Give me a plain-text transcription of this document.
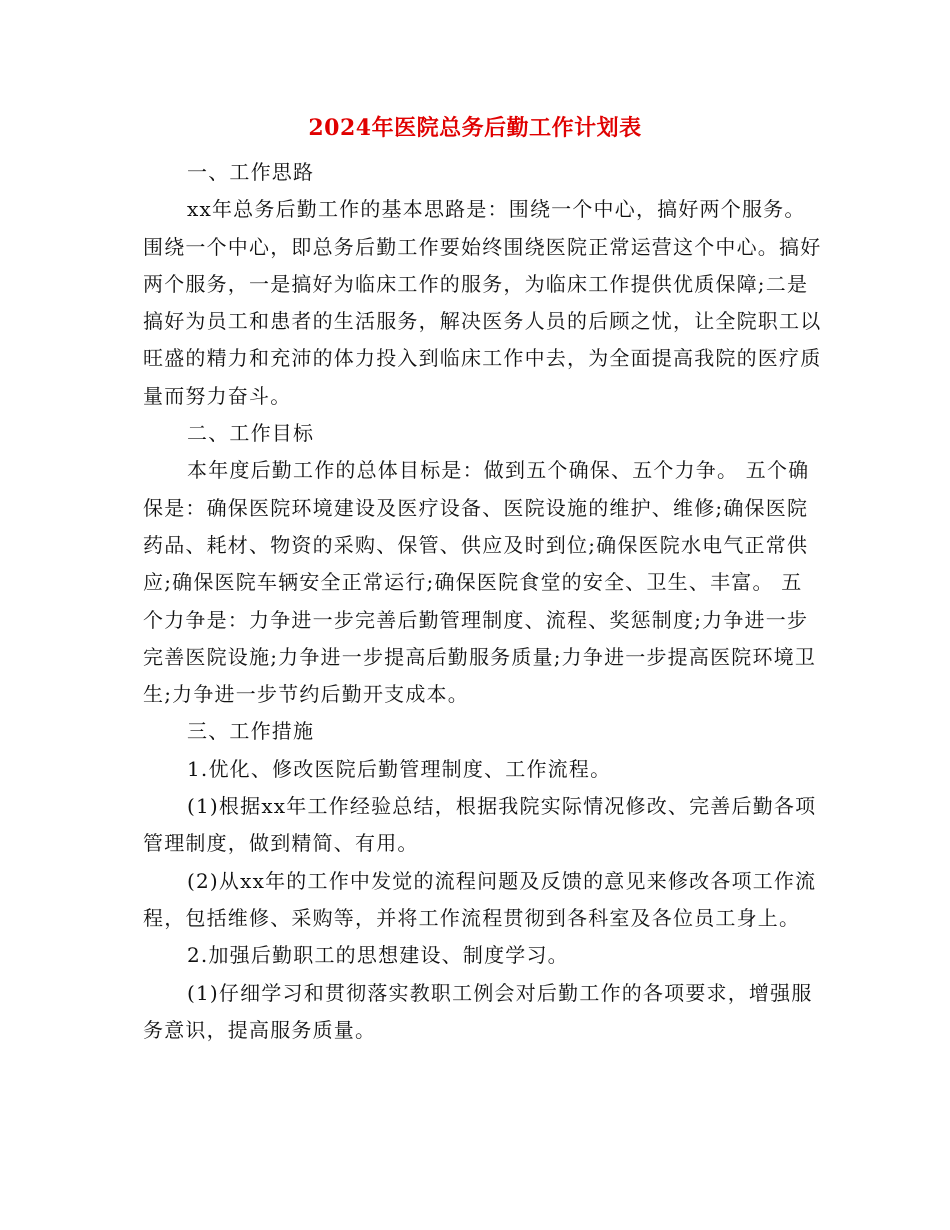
2024年医院总务后勤工作计划表

一、工作思路

xx年总务后勤工作的基本思路是：围绕一个中心，搞好两个服务。围绕一个中心，即总务后勤工作要始终围绕医院正常运营这个中心。搞好两个服务，一是搞好为临床工作的服务，为临床工作提供优质保障;二是搞好为员工和患者的生活服务，解决医务人员的后顾之忧，让全院职工以旺盛的精力和充沛的体力投入到临床工作中去，为全面提高我院的医疗质量而努力奋斗。

二、工作目标

本年度后勤工作的总体目标是：做到五个确保、五个力争。 五个确保是：确保医院环境建设及医疗设备、医院设施的维护、维修;确保医院药品、耗材、物资的采购、保管、供应及时到位;确保医院水电气正常供应;确保医院车辆安全正常运行;确保医院食堂的安全、卫生、丰富。 五个力争是：力争进一步完善后勤管理制度、流程、奖惩制度;力争进一步完善医院设施;力争进一步提高后勤服务质量;力争进一步提高医院环境卫生;力争进一步节约后勤开支成本。

三、工作措施

1.优化、修改医院后勤管理制度、工作流程。

(1)根据xx年工作经验总结，根据我院实际情况修改、完善后勤各项管理制度，做到精简、有用。

(2)从xx年的工作中发觉的流程问题及反馈的意见来修改各项工作流程，包括维修、采购等，并将工作流程贯彻到各科室及各位员工身上。

2.加强后勤职工的思想建设、制度学习。

(1)仔细学习和贯彻落实教职工例会对后勤工作的各项要求，增强服务意识，提高服务质量。
